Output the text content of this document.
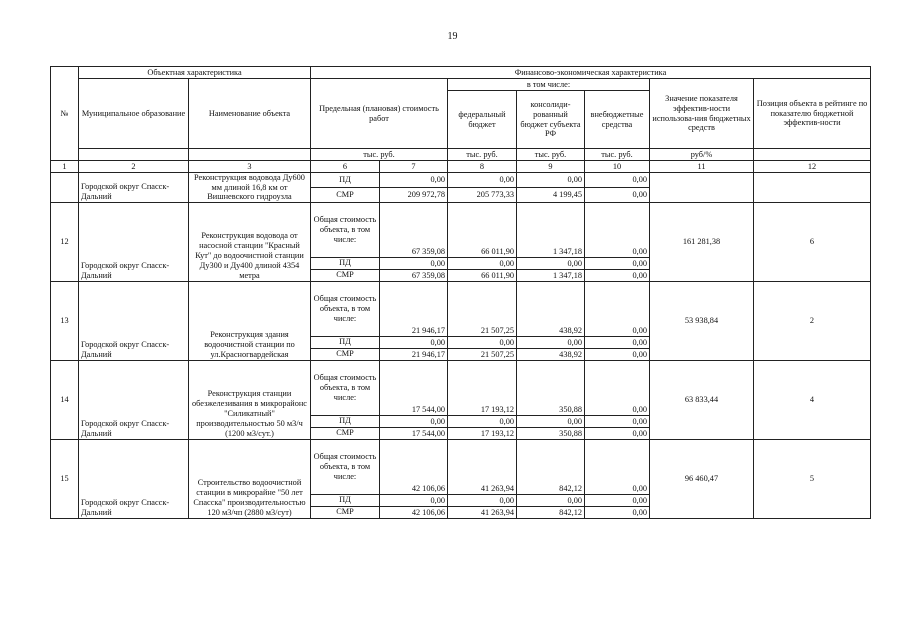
19
№	Объектная характеристика		Финансово-экономическая характеристика						
	Муниципальное образование	Наименование объекта	Предельная (плановая) стоимость работ		в том числе:			Значение показателя эффектив-ности использова-ния бюджетных средств	Позиция объекта в рейтинге по показателю бюджетной эффектив-ности
					федеральный бюджет	консолиди-рованный бюджет субъекта РФ	внебюджетные средства		
			тыс. руб.		тыс. руб.	тыс. руб.	тыс. руб.	руб/%	
1	2	3	6	7	8	9	10	11	12
	Городской округ Спасск-Дальний	Реконструкция водовода Ду600 мм длиной 16,8 км от Вишневского гидроузла	ПД	0,00	0,00	0,00	0,00		
			СМР	209 972,78	205 773,33	4 199,45	0,00		
12	Городской округ Спасск-Дальний	Реконструкция водовода от насосной станции "Красный Кут" до водоочистной станции Ду300 и Ду400 длиной 4354 метра	Общая стоимость объекта, в том числе:	67 359,08	66 011,90	1 347,18	0,00	161 281,38	6
			ПД	0,00	0,00	0,00	0,00		
			СМР	67 359,08	66 011,90	1 347,18	0,00		
13	Городской округ Спасск-Дальний	Реконструкция здания водоочистной станции по ул.Красногвардейская	Общая стоимость объекта, в том числе:	21 946,17	21 507,25	438,92	0,00	53 938,84	2
			ПД	0,00	0,00	0,00	0,00		
			СМР	21 946,17	21 507,25	438,92	0,00		
14	Городской округ Спасск-Дальний	Реконструкция станции обезжелезивания в микрорайонс "Силикатный" производительностью 50 м3/ч (1200 м3/сут.)	Общая стоимость объекта, в том числе:	17 544,00	17 193,12	350,88	0,00	63 833,44	4
			ПД	0,00	0,00	0,00	0,00		
			СМР	17 544,00	17 193,12	350,88	0,00		
15	Городской округ Спасск-Дальний	Строительство водоочистной станции в микрорайне "50 лет Спасска" производительностью 120 м3/чп (2880 м3/сут)	Общая стоимость объекта, в том числе:	42 106,06	41 263,94	842,12	0,00	96 460,47	5
			ПД	0,00	0,00	0,00	0,00		
			СМР	42 106,06	41 263,94	842,12	0,00		
